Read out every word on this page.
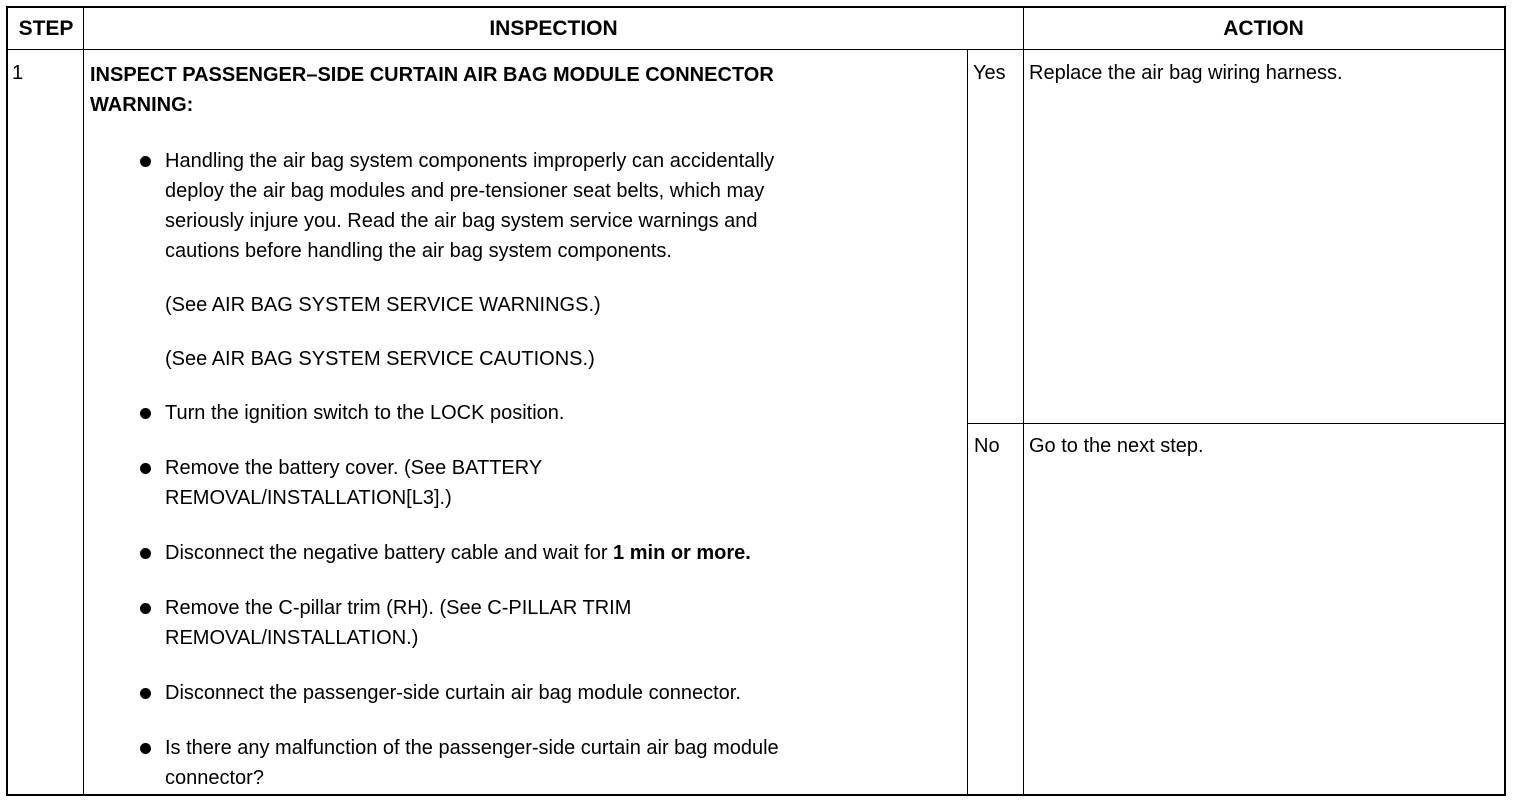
STEP	INSPECTION	ACTION
1	INSPECT PASSENGER–SIDE CURTAIN AIR BAG MODULE CONNECTOR
WARNING:
Handling the air bag system components improperly can accidentally
deploy the air bag modules and pre-tensioner seat belts, which may
seriously injure you. Read the air bag system service warnings and
cautions before handling the air bag system components.
(See AIR BAG SYSTEM SERVICE WARNINGS.)
(See AIR BAG SYSTEM SERVICE CAUTIONS.)
Turn the ignition switch to the LOCK position.
Remove the battery cover. (See BATTERY
REMOVAL/INSTALLATION[L3].)
Disconnect the negative battery cable and wait for 1 min or more.
Remove the C-pillar trim (RH). (See C-PILLAR TRIM
REMOVAL/INSTALLATION.)
Disconnect the passenger-side curtain air bag module connector.
Is there any malfunction of the passenger-side curtain air bag module
connector?
Yes Replace the air bag wiring harness.
No Go to the next step.
